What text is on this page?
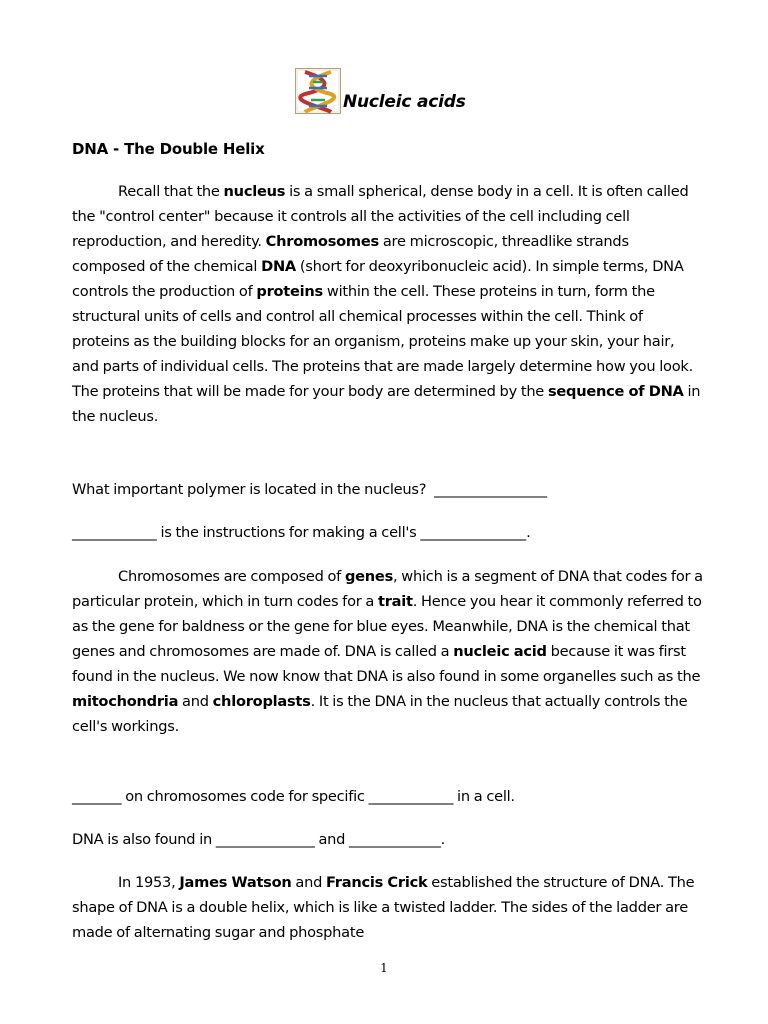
Nucleic acids
DNA - The Double Helix
Recall that the nucleus is a small spherical, dense body in a cell. It is often called the "control center" because it controls all the activities of the cell including cell reproduction, and heredity. Chromosomes are microscopic, threadlike strands composed of the chemical DNA (short for deoxyribonucleic acid). In simple terms, DNA controls the production of proteins within the cell. These proteins in turn, form the structural units of cells and control all chemical processes within the cell. Think of proteins as the building blocks for an organism, proteins make up your skin, your hair, and parts of individual cells. The proteins that are made largely determine how you look. The proteins that will be made for your body are determined by the sequence of DNA in the nucleus.
What important polymer is located in the nucleus?  ________________
____________ is the instructions for making a cell's _______________.
Chromosomes are composed of genes, which is a segment of DNA that codes for a particular protein, which in turn codes for a trait. Hence you hear it commonly referred to as the gene for baldness or the gene for blue eyes. Meanwhile, DNA is the chemical that genes and chromosomes are made of. DNA is called a nucleic acid because it was first found in the nucleus. We now know that DNA is also found in some organelles such as the mitochondria and chloroplasts. It is the DNA in the nucleus that actually controls the cell's workings.
_______ on chromosomes code for specific ____________ in a cell.
DNA is also found in ______________ and _____________.
In 1953, James Watson and Francis Crick established the structure of DNA. The shape of DNA is a double helix, which is like a twisted ladder. The sides of the ladder are made of alternating sugar and phosphate
1
